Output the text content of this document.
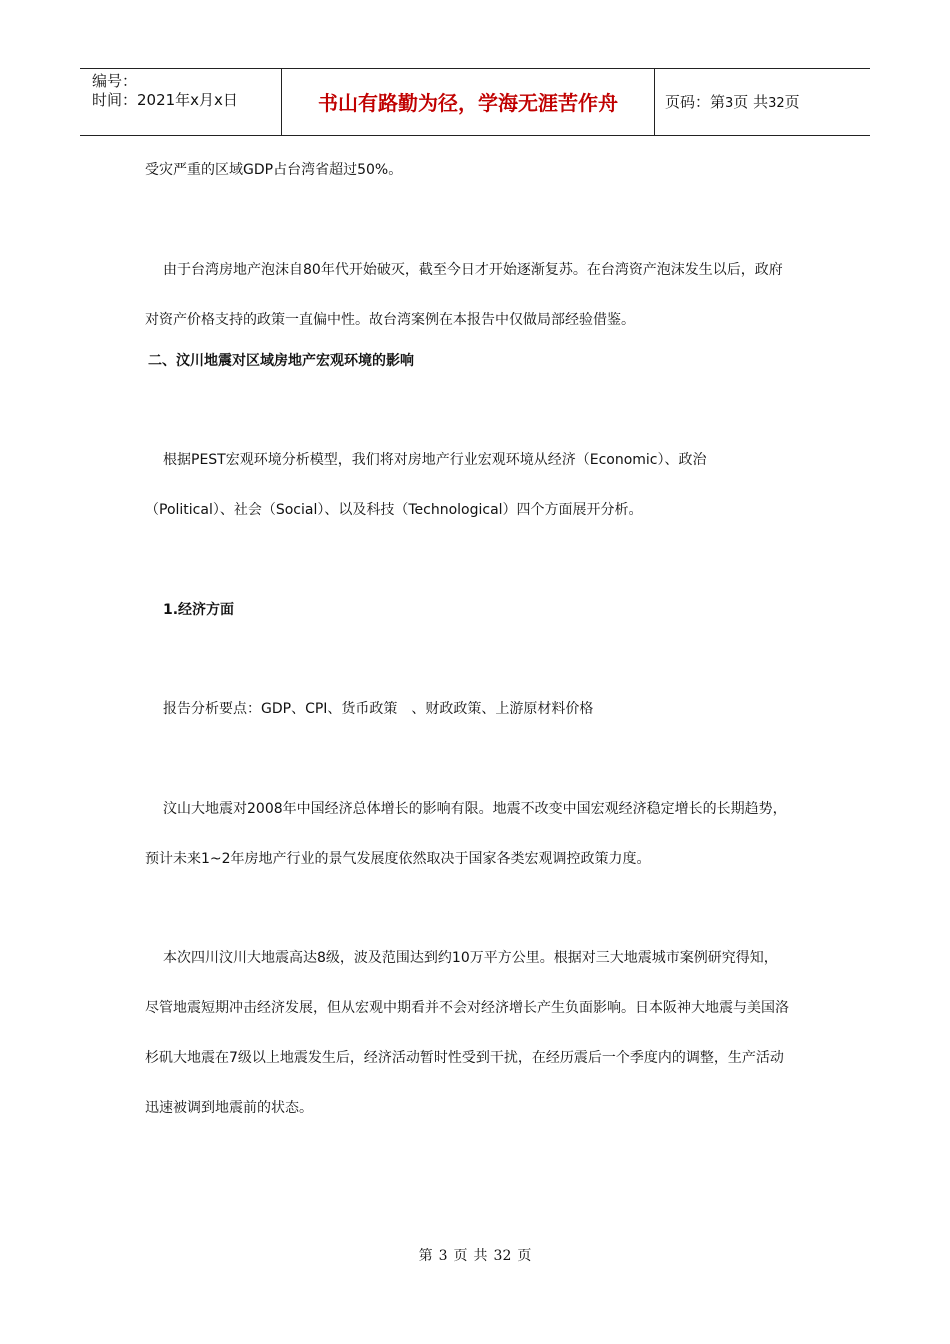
编号：
时间：2021年x月x日	书山有路勤为径，学海无涯苦作舟	页码：第3页 共32页

受灾严重的区域GDP占台湾省超过50%。

由于台湾房地产泡沫自80年代开始破灭，截至今日才开始逐渐复苏。在台湾资产泡沫发生以后，政府

对资产价格支持的政策一直偏中性。故台湾案例在本报告中仅做局部经验借鉴。

二、汶川地震对区域房地产宏观环境的影响

根据PEST宏观环境分析模型，我们将对房地产行业宏观环境从经济（Economic）、政治

（Political）、社会（Social）、以及科技（Technological）四个方面展开分析。

1.经济方面

报告分析要点：GDP、CPI、货币政策　、财政政策、上游原材料价格

汶山大地震对2008年中国经济总体增长的影响有限。地震不改变中国宏观经济稳定增长的长期趋势，

预计未来1~2年房地产行业的景气发展度依然取决于国家各类宏观调控政策力度。

本次四川汶川大地震高达8级，波及范围达到约10万平方公里。根据对三大地震城市案例研究得知，

尽管地震短期冲击经济发展，但从宏观中期看并不会对经济增长产生负面影响。日本阪神大地震与美国洛

杉矶大地震在7级以上地震发生后，经济活动暂时性受到干扰，在经历震后一个季度内的调整，生产活动

迅速被调到地震前的状态。

第 3 页 共 32 页
